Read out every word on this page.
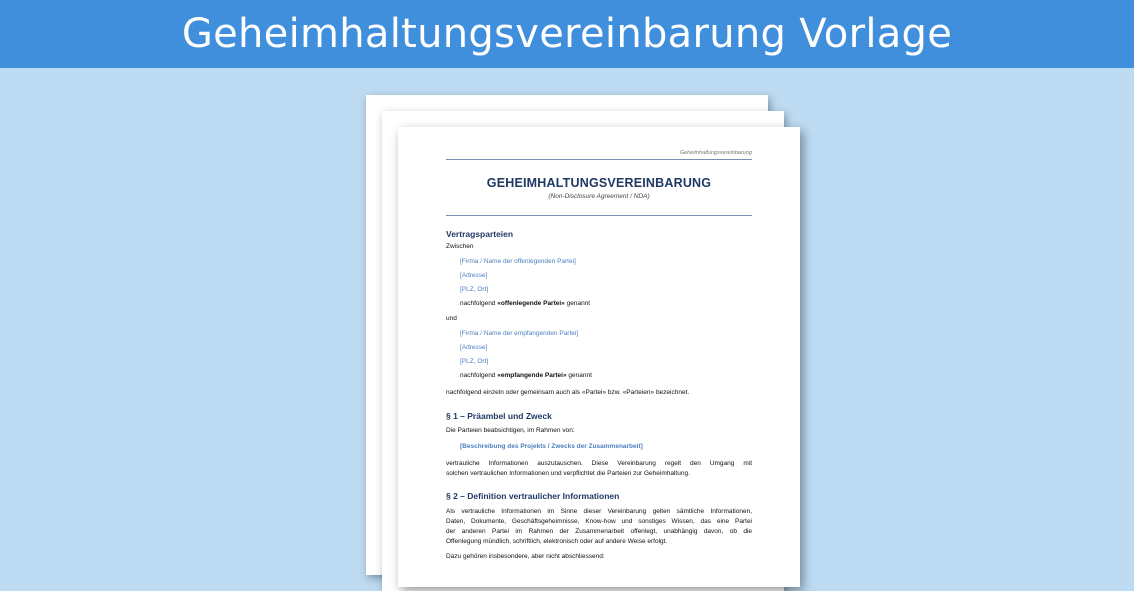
Geheimhaltungsvereinbarung Vorlage
Geheimhaltungsvereinbarung
GEHEIMHALTUNGSVEREINBARUNG
(Non-Disclosure Agreement / NDA)
Vertragsparteien
Zwischen
[Firma / Name der offenlegenden Partei]
[Adresse]
[PLZ, Ort]
nachfolgend «offenlegende Partei» genannt
und
[Firma / Name der empfangenden Partei]
[Adresse]
[PLZ, Ort]
nachfolgend «empfangende Partei» genannt
nachfolgend einzeln oder gemeinsam auch als «Partei» bzw. «Parteien» bezeichnet.
§ 1 – Präambel und Zweck
Die Parteien beabsichtigen, im Rahmen von:
[Beschreibung des Projekts / Zwecks der Zusammenarbeit]
vertrauliche Informationen auszutauschen. Diese Vereinbarung regelt den Umgang mit
solchen vertraulichen Informationen und verpflichtet die Parteien zur Geheimhaltung.
§ 2 – Definition vertraulicher Informationen
Als vertrauliche Informationen im Sinne dieser Vereinbarung gelten sämtliche Informationen,
Daten, Dokumente, Geschäftsgeheimnisse, Know-how und sonstiges Wissen, das eine Partei
der anderen Partei im Rahmen der Zusammenarbeit offenlegt, unabhängig davon, ob die
Offenlegung mündlich, schriftlich, elektronisch oder auf andere Weise erfolgt.
Dazu gehören insbesondere, aber nicht abschliessend:
